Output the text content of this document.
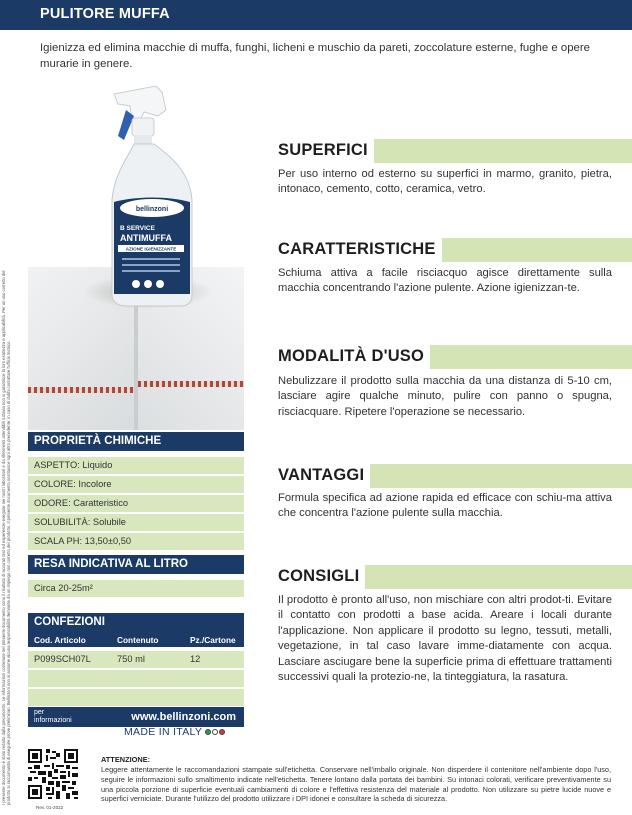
PULITORE MUFFA
Igienizza ed elimina macchie di muffa, funghi, licheni e muschio da pareti, zoccolature esterne, fughe e opere murarie in genere.
I presente documento è stato redatto dalla preconcetto. Le informazioni contenute nel presente documento sono il risultato di accurati test ed esperienze eseguite nei nostri laboratori e da riferimenti attendibili tuttavia non si garantisce la loro esattezza e applicabilità. Per un uso corretto del prodotto si raccomanda di eseguire prove preliminari. Bellinzoni non si assume alcuna responsabilità derivante da un impiego non corretto del prodotto. Il presente documento sostituisce ogni altro precedente; in caso di dubbi contattare l'ufficio tecnico.
bellinzoni
B SERVICE
ANTIMUFFA
AZIONE IGIENIZZANTE
PROPRIETÀ CHIMICHE
ASPETTO: Liquido
COLORE: Incolore
ODORE: Caratteristico
SOLUBILITÀ: Solubile
SCALA PH: 13,50±0,50
RESA INDICATIVA AL LITRO
Circa 20-25m²
CONFEZIONI
Cod. Articolo	Contenuto	Pz./Cartone
P099SCH07L	750 ml	12
per
informazioni	www.bellinzoni.com
MADE IN ITALY
SUPERFICI
Per uso interno od esterno su superfici in marmo, granito, pietra, intonaco, cemento, cotto, ceramica, vetro.
CARATTERISTICHE
Schiuma attiva a facile risciacquo agisce direttamente sulla macchia concentrando l'azione pulente. Azione igienizzan-te.
MODALITÀ D'USO
Nebulizzare il prodotto sulla macchia da una distanza di 5-10 cm, lasciare agire qualche minuto, pulire con panno o spugna, risciacquare. Ripetere l'operazione se necessario.
VANTAGGI
Formula specifica ad azione rapida ed efficace con schiu-ma attiva che concentra l'azione pulente sulla macchia.
CONSIGLI
Il prodotto è pronto all'uso, non mischiare con altri prodot-ti. Evitare il contatto con prodotti a base acida. Areare i locali durante l'applicazione. Non applicare il prodotto su legno, tessuti, metalli, vegetazione, in tal caso lavare imme-diatamente con acqua. Lasciare asciugare bene la superficie prima di effettuare trattamenti successivi quali la protezio-ne, la tinteggiatura, la rasatura.
Rev. 01-2022
ATTENZIONE:
Leggere attentamente le raccomandazioni stampate sull'etichetta. Conservare nell'imballo originale. Non disperdere il contenitore nell'ambiente dopo l'uso, seguire le informazioni sullo smaltimento indicate nell'etichetta. Tenere lontano dalla portata dei bambini. Su intonaci colorati, verificare preventivamente su una piccola porzione di superficie eventuali cambiamenti di colore e l'effettiva resistenza del materiale al prodotto. Non utilizzare su pietre lucide nuove e superfici verniciate. Durante l'utilizzo del prodotto utilizzare i DPI idonei e consultare la scheda di sicurezza.
